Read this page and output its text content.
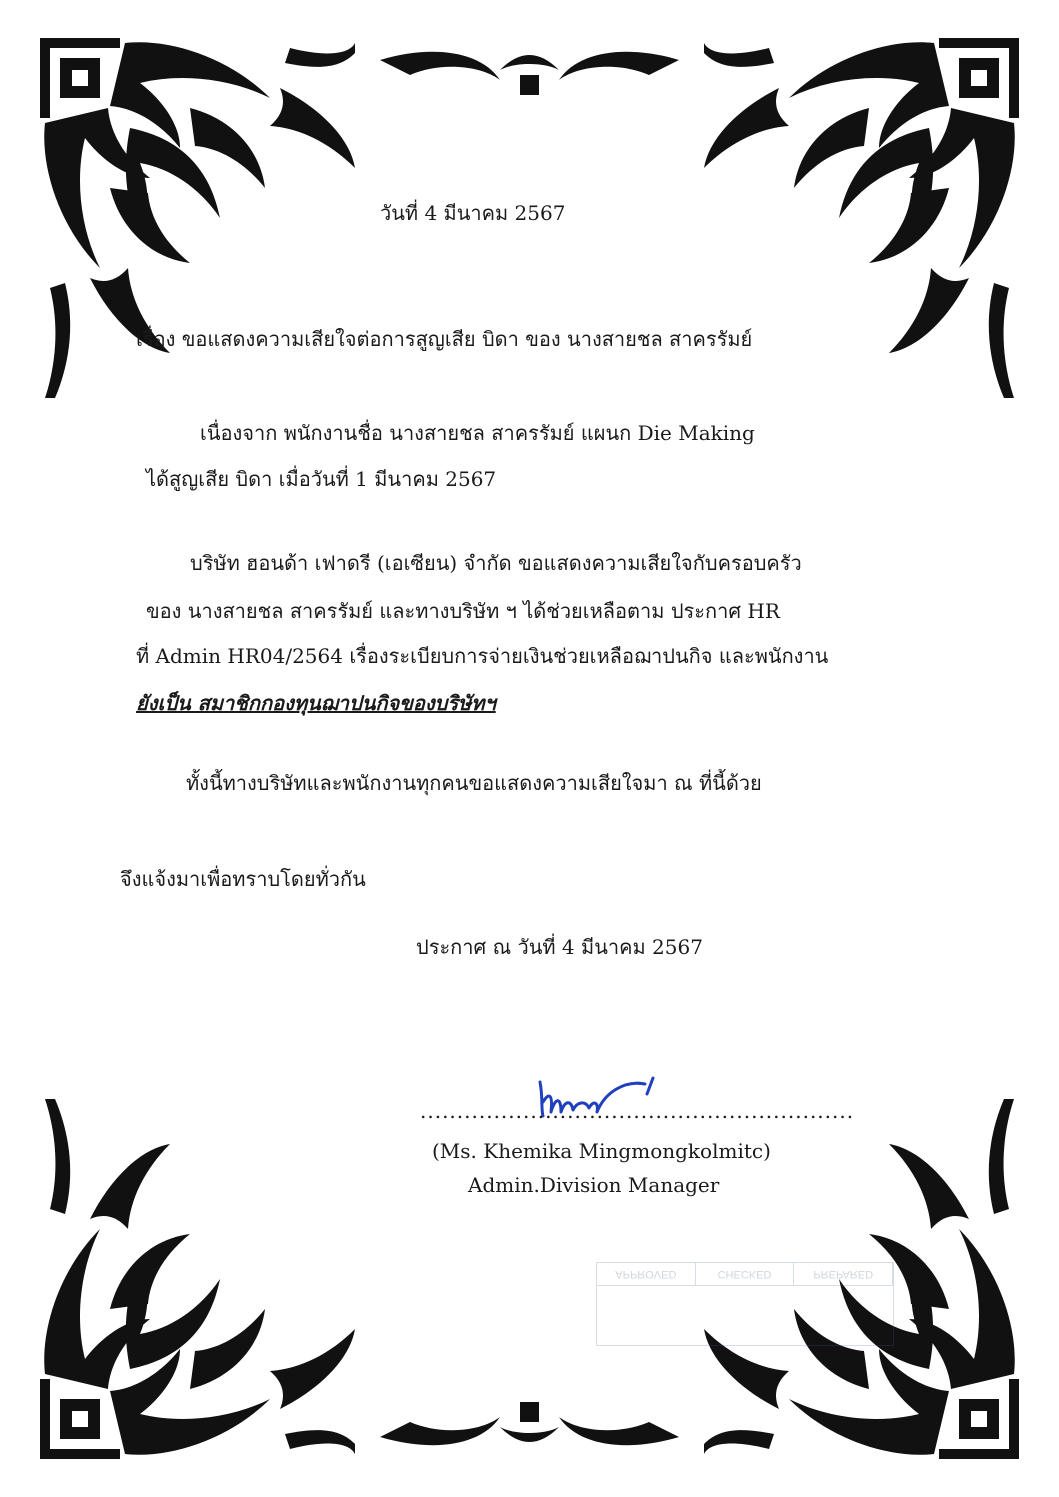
วันที่ 4 มีนาคม 2567
เรื่อง ขอแสดงความเสียใจต่อการสูญเสีย บิดา ของ นางสายชล สาครรัมย์
เนื่องจาก พนักงานชื่อ นางสายชล สาครรัมย์ แผนก Die Making
ได้สูญเสีย บิดา เมื่อวันที่ 1 มีนาคม 2567
บริษัท ฮอนด้า เฟาดรี (เอเซียน) จำกัด ขอแสดงความเสียใจกับครอบครัว
ของ นางสายชล สาครรัมย์ และทางบริษัท ฯ ได้ช่วยเหลือตาม ประกาศ HR
ที่ Admin HR04/2564 เรื่องระเบียบการจ่ายเงินช่วยเหลือฌาปนกิจ และพนักงาน
ยังเป็น สมาชิกกองทุนฌาปนกิจของบริษัทฯ
ทั้งนี้ทางบริษัทและพนักงานทุกคนขอแสดงความเสียใจมา ณ ที่นี้ด้วย
จึงแจ้งมาเพื่อทราบโดยทั่วกัน
ประกาศ ณ วันที่ 4 มีนาคม 2567
...........................................................
(Ms. Khemika Mingmongkolmitc)
Admin.Division Manager
APPROVED	CHECKED	PREPARED
